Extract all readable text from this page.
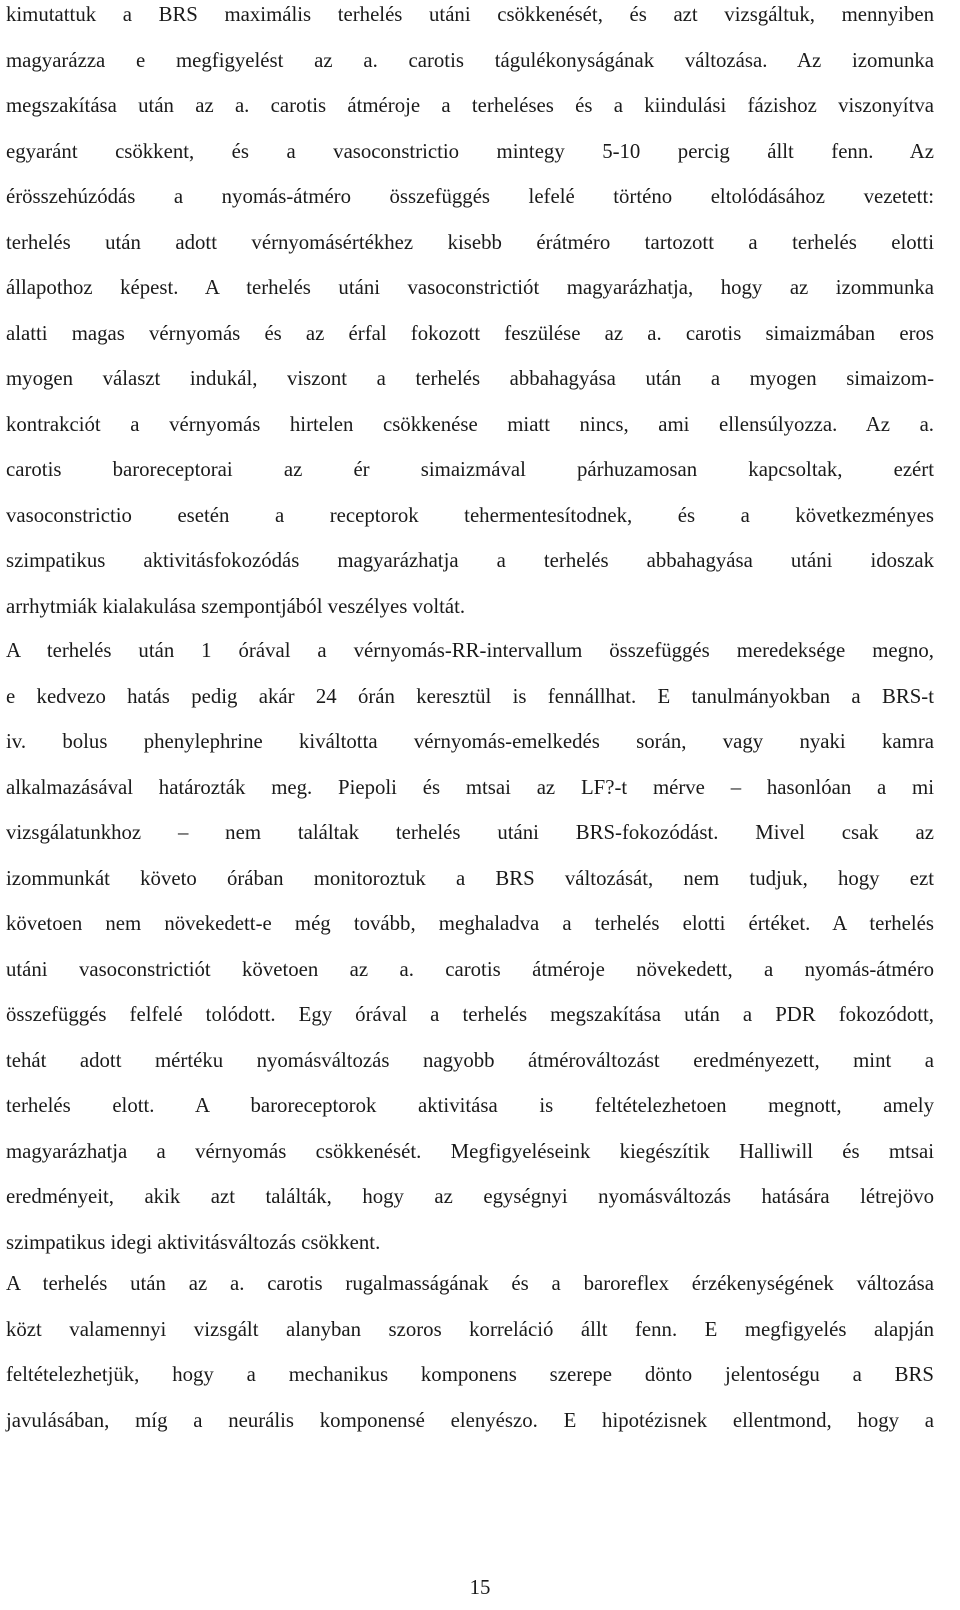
kimutattuk a BRS maximális terhelés utáni csökkenését, és azt vizsgáltuk, mennyiben
magyarázza e megfigyelést az a. carotis tágulékonyságának változása. Az izomunka
megszakítása után az a. carotis átméroje a terheléses és a kiindulási fázishoz viszonyítva
egyaránt csökkent, és a vasoconstrictio mintegy 5-10 percig állt fenn. Az
érösszehúzódás a nyomás-átméro összefüggés lefelé történo eltolódásához vezetett:
terhelés után adott vérnyomásértékhez kisebb érátméro tartozott a terhelés elotti
állapothoz képest. A terhelés utáni vasoconstrictiót magyarázhatja, hogy az izommunka
alatti magas vérnyomás és az érfal fokozott feszülése az a. carotis simaizmában eros
myogen választ indukál, viszont a terhelés abbahagyása után a myogen simaizom-
kontrakciót a vérnyomás hirtelen csökkenése miatt nincs, ami ellensúlyozza. Az a.
carotis baroreceptorai az ér simaizmával párhuzamosan kapcsoltak, ezért
vasoconstrictio esetén a receptorok tehermentesítodnek, és a következményes
szimpatikus aktivitásfokozódás magyarázhatja a terhelés abbahagyása utáni idoszak
arrhytmiák kialakulása szempontjából veszélyes voltát.
A terhelés után 1 órával a vérnyomás-RR-intervallum összefüggés meredeksége megno,
e kedvezo hatás pedig akár 24 órán keresztül is fennállhat. E tanulmányokban a BRS-t
iv. bolus phenylephrine kiváltotta vérnyomás-emelkedés során, vagy nyaki kamra
alkalmazásával határozták meg. Piepoli és mtsai az LF?-t mérve – hasonlóan a mi
vizsgálatunkhoz – nem találtak terhelés utáni BRS-fokozódást. Mivel csak az
izommunkát követo órában monitoroztuk a BRS változását, nem tudjuk, hogy ezt
követoen nem növekedett-e még tovább, meghaladva a terhelés elotti értéket. A terhelés
utáni vasoconstrictiót követoen az a. carotis átméroje növekedett, a nyomás-átméro
összefüggés felfelé tolódott. Egy órával a terhelés megszakítása után a PDR fokozódott,
tehát adott mértéku nyomásváltozás nagyobb átmérováltozást eredményezett, mint a
terhelés elott. A baroreceptorok aktivitása is feltételezhetoen megnott, amely
magyarázhatja a vérnyomás csökkenését. Megfigyeléseink kiegészítik Halliwill és mtsai
eredményeit, akik azt találták, hogy az egységnyi nyomásváltozás hatására létrejövo
szimpatikus idegi aktivitásváltozás csökkent.
A terhelés után az a. carotis rugalmasságának és a baroreflex érzékenységének változása
közt valamennyi vizsgált alanyban szoros korreláció állt fenn. E megfigyelés alapján
feltételezhetjük, hogy a mechanikus komponens szerepe dönto jelentoségu a BRS
javulásában, míg a neurális komponensé elenyészo. E hipotézisnek ellentmond, hogy a
15
